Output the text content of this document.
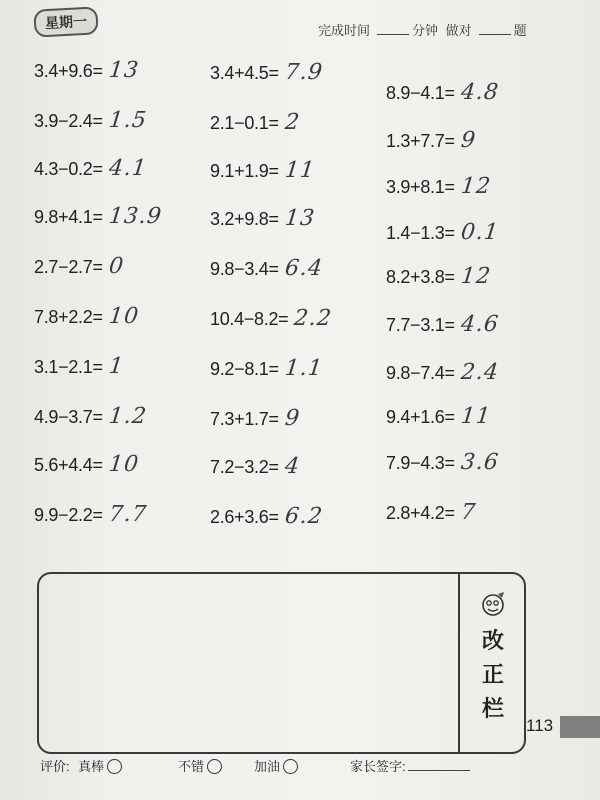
星期一	完成时间	分钟 做对	题
3.4+9.6= 13
3.9−2.4= 1.5
4.3−0.2= 4.1
9.8+4.1= 13.9
2.7−2.7= 0
7.8+2.2= 10
3.1−2.1= 1
4.9−3.7= 1.2
5.6+4.4= 10
9.9−2.2= 7.7
3.4+4.5= 7.9
2.1−0.1= 2
9.1+1.9= 11
3.2+9.8= 13
9.8−3.4= 6.4
10.4−8.2= 2.2
9.2−8.1= 1.1
7.3+1.7= 9
7.2−3.2= 4
2.6+3.6= 6.2
8.9−4.1= 4.8
1.3+7.7= 9
3.9+8.1= 12
1.4−1.3= 0.1
8.2+3.8= 12
7.7−3.1= 4.6
9.8−7.4= 2.4
9.4+1.6= 11
7.9−4.3= 3.6
2.8+4.2= 7
改
正
栏
113
评价: 真棒	不错	加油	家长签字:
